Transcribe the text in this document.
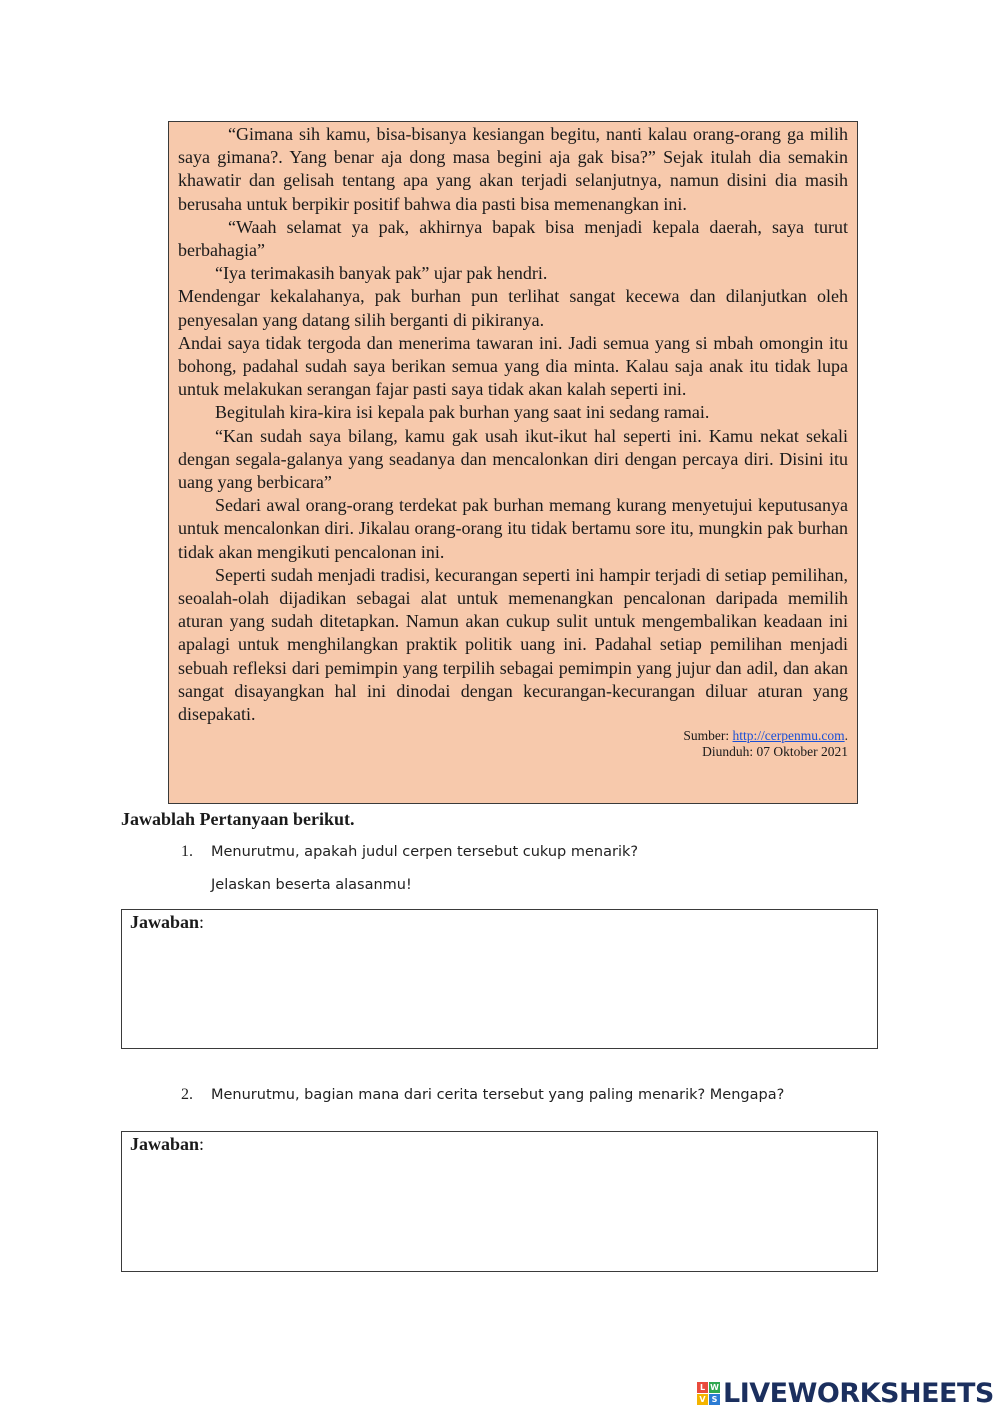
“Gimana sih kamu, bisa-bisanya kesiangan begitu, nanti kalau orang-orang ga milih saya gimana?. Yang benar aja dong masa begini aja gak bisa?” Sejak itulah dia semakin khawatir dan gelisah tentang apa yang akan terjadi selanjutnya, namun disini dia masih berusaha untuk berpikir positif bahwa dia pasti bisa memenangkan ini.

“Waah selamat ya pak, akhirnya bapak bisa menjadi kepala daerah, saya turut berbahagia”

“Iya terimakasih banyak pak” ujar pak hendri.

Mendengar kekalahanya, pak burhan pun terlihat sangat kecewa dan dilanjutkan oleh penyesalan yang datang silih berganti di pikiranya.

Andai saya tidak tergoda dan menerima tawaran ini. Jadi semua yang si mbah omongin itu bohong, padahal sudah saya berikan semua yang dia minta. Kalau saja anak itu tidak lupa untuk melakukan serangan fajar pasti saya tidak akan kalah seperti ini.

Begitulah kira-kira isi kepala pak burhan yang saat ini sedang ramai.

“Kan sudah saya bilang, kamu gak usah ikut-ikut hal seperti ini. Kamu nekat sekali dengan segala-galanya yang seadanya dan mencalonkan diri dengan percaya diri. Disini itu uang yang berbicara”

Sedari awal orang-orang terdekat pak burhan memang kurang menyetujui keputusanya untuk mencalonkan diri. Jikalau orang-orang itu tidak bertamu sore itu, mungkin pak burhan tidak akan mengikuti pencalonan ini.

Seperti sudah menjadi tradisi, kecurangan seperti ini hampir terjadi di setiap pemilihan, seoalah-olah dijadikan sebagai alat untuk memenangkan pencalonan daripada memilih aturan yang sudah ditetapkan. Namun akan cukup sulit untuk mengembalikan keadaan ini apalagi untuk menghilangkan praktik politik uang ini. Padahal setiap pemilihan menjadi sebuah refleksi dari pemimpin yang terpilih sebagai pemimpin yang jujur dan adil, dan akan sangat disayangkan hal ini dinodai dengan kecurangan-kecurangan diluar aturan yang disepakati.

Sumber: http://cerpenmu.com.
Diunduh: 07 Oktober 2021
Jawablah Pertanyaan berikut.
1. Menurutmu, apakah judul cerpen tersebut cukup menarik?
Jelaskan beserta alasanmu!
Jawaban:
2. Menurutmu, bagian mana dari cerita tersebut yang paling menarik? Mengapa?
Jawaban:
L W
V S LIVEWORKSHEETS
